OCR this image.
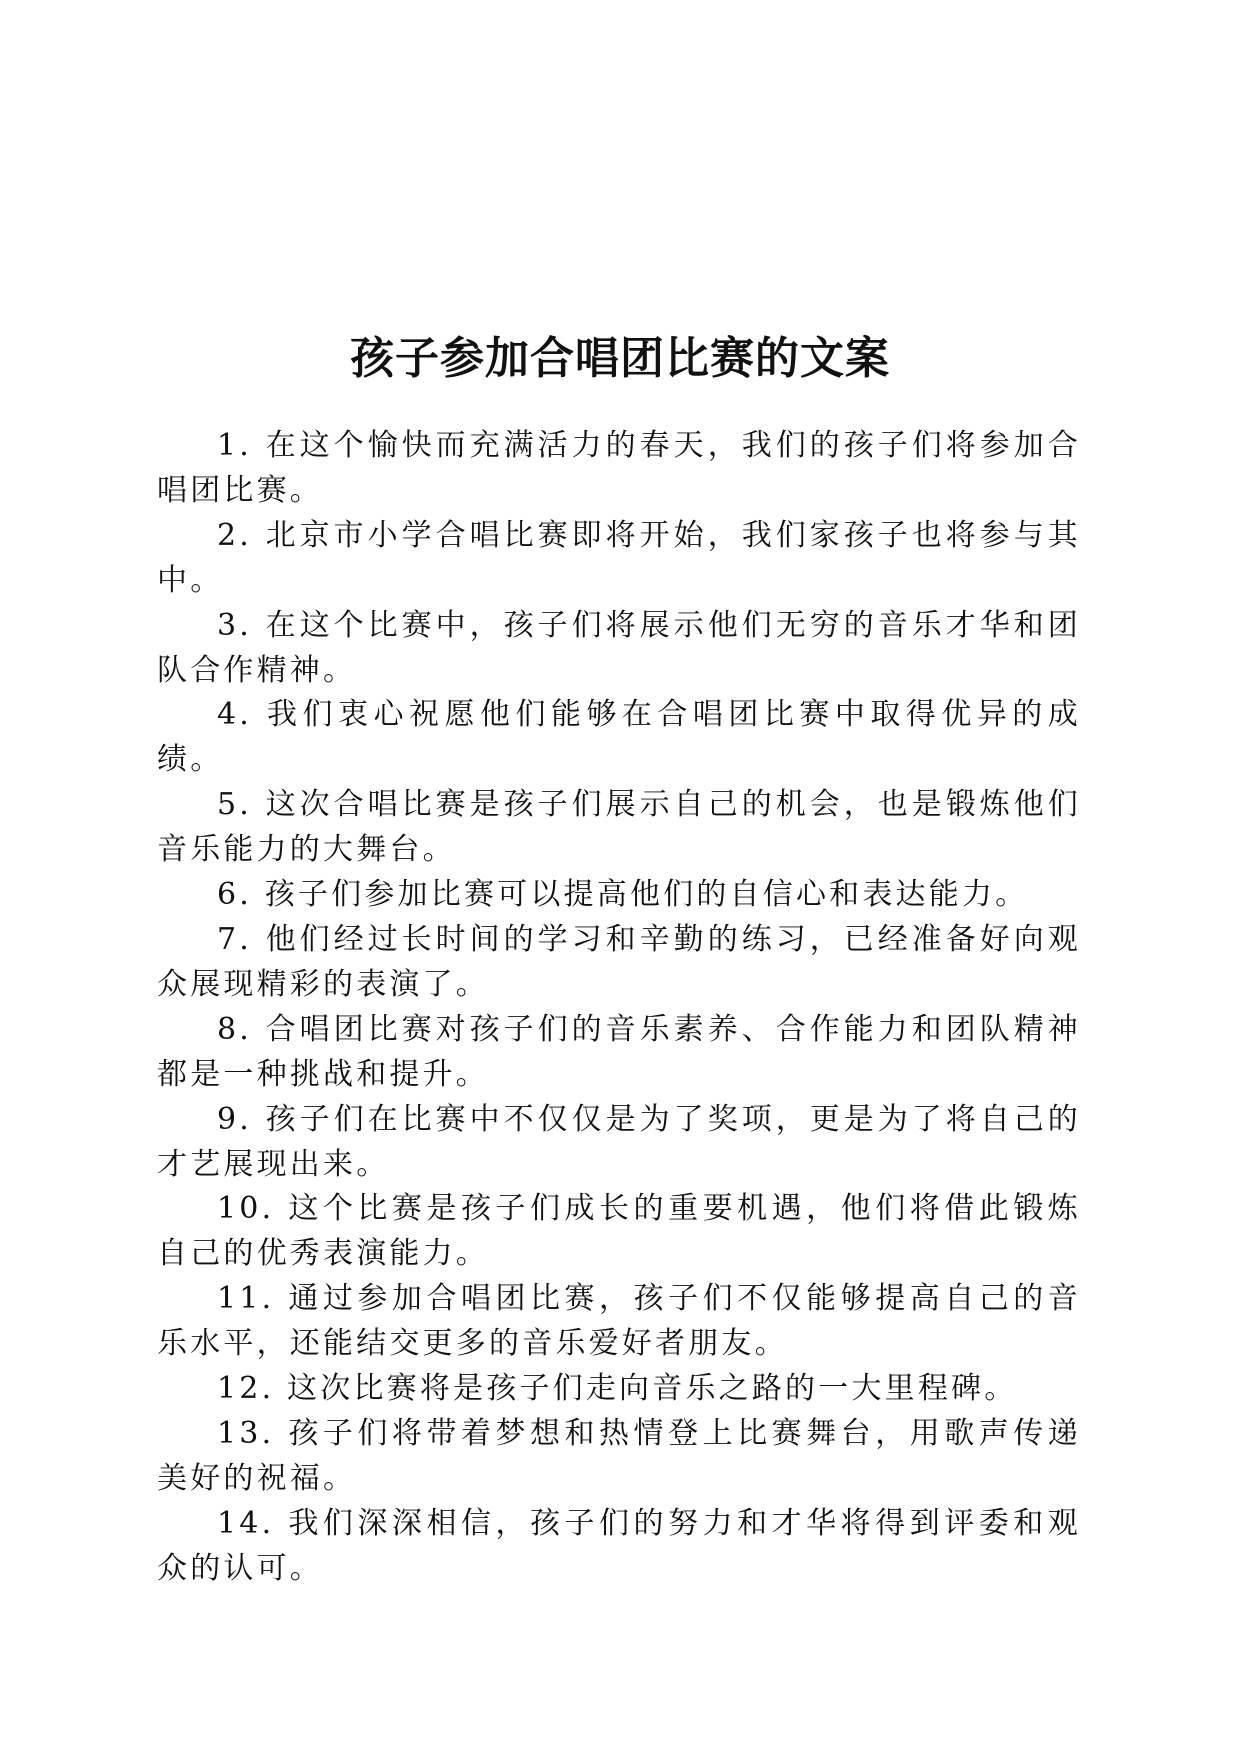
孩子参加合唱团比赛的文案

1. 在这个愉快而充满活力的春天，我们的孩子们将参加合唱团比赛。

2. 北京市小学合唱比赛即将开始，我们家孩子也将参与其中。

3. 在这个比赛中，孩子们将展示他们无穷的音乐才华和团队合作精神。

4. 我们衷心祝愿他们能够在合唱团比赛中取得优异的成绩。

5. 这次合唱比赛是孩子们展示自己的机会，也是锻炼他们音乐能力的大舞台。

6. 孩子们参加比赛可以提高他们的自信心和表达能力。

7. 他们经过长时间的学习和辛勤的练习，已经准备好向观众展现精彩的表演了。

8. 合唱团比赛对孩子们的音乐素养、合作能力和团队精神都是一种挑战和提升。

9. 孩子们在比赛中不仅仅是为了奖项，更是为了将自己的才艺展现出来。

10. 这个比赛是孩子们成长的重要机遇，他们将借此锻炼自己的优秀表演能力。

11. 通过参加合唱团比赛，孩子们不仅能够提高自己的音乐水平，还能结交更多的音乐爱好者朋友。

12. 这次比赛将是孩子们走向音乐之路的一大里程碑。

13. 孩子们将带着梦想和热情登上比赛舞台，用歌声传递美好的祝福。

14. 我们深深相信，孩子们的努力和才华将得到评委和观众的认可。
